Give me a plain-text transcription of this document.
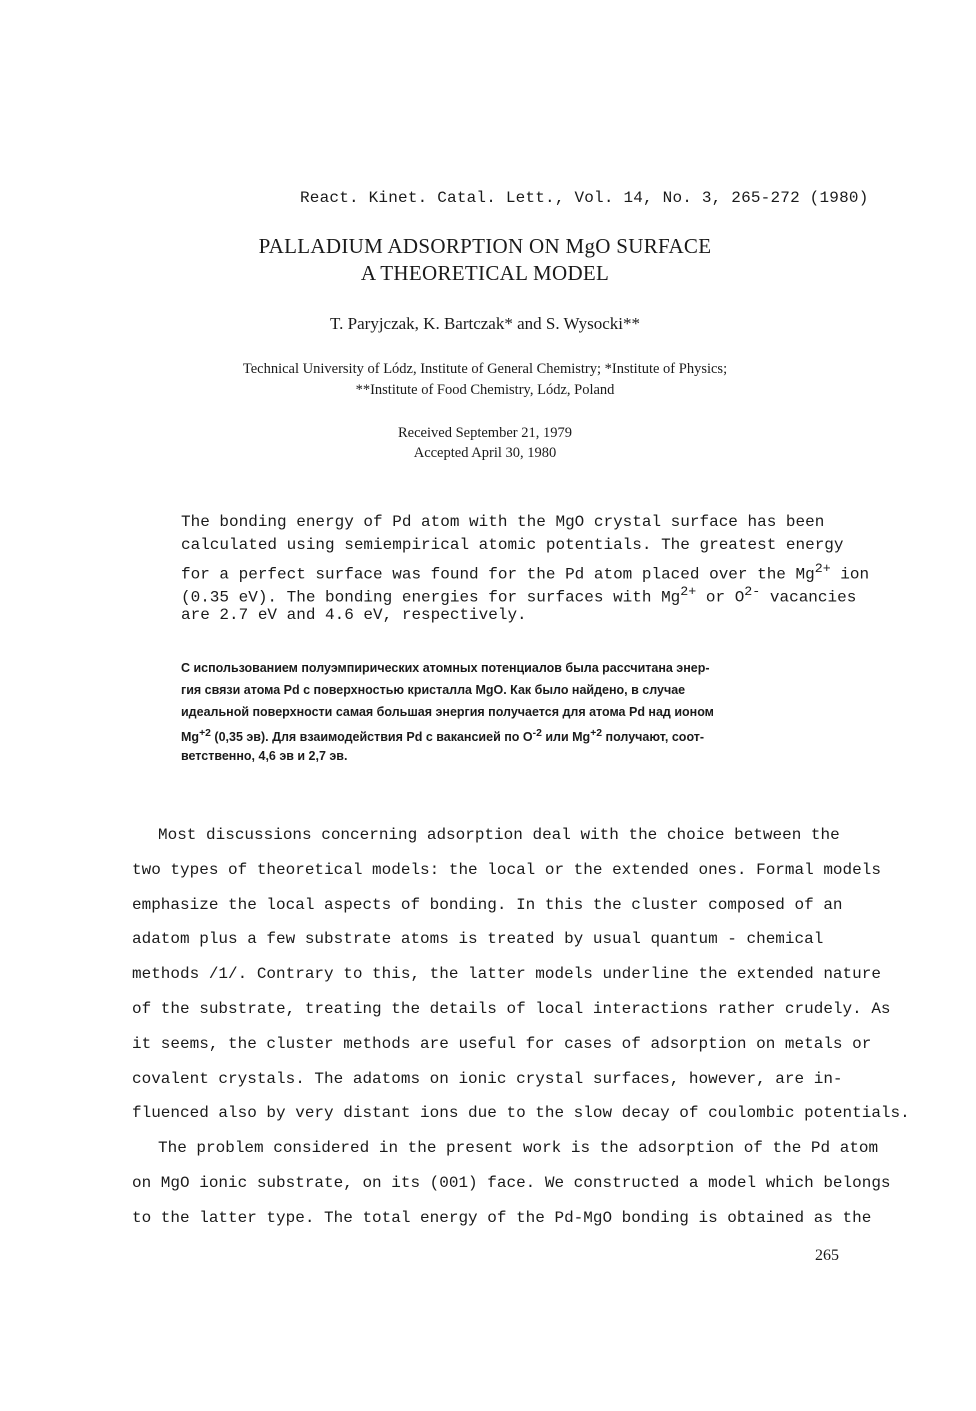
React. Kinet. Catal. Lett., Vol. 14, No. 3, 265-272 (1980)
PALLADIUM ADSORPTION ON MgO SURFACE
A THEORETICAL MODEL
T. Paryjczak, K. Bartczak* and S. Wysocki**
Technical University of Lódz, Institute of General Chemistry; *Institute of Physics;
**Institute of Food Chemistry, Lódz, Poland
Received September 21, 1979
Accepted April 30, 1980
The bonding energy of Pd atom with the MgO crystal surface has been
calculated using semiempirical atomic potentials. The greatest energy
for a perfect surface was found for the Pd atom placed over the $Mg^{2+}$ ion
(0.35 eV). The bonding energies for surfaces with $Mg^{2+}$ or $O^{2-}$ vacancies
are 2.7 eV and 4.6 eV, respectively.
С использованием полуэмпирических атомных потенциалов была рассчитана энер-
гия связи атома Pd с поверхностью кристалла MgO. Как было найдено, в случае
идеальной поверхности самая большая энергия получается для атома Pd над ионом
$Mg^{+2}$ (0,35 эв). Для взаимодействия Pd с вакансией по $O^{-2}$ или $Mg^{+2}$ получают, соот-
ветственно, 4,6 эв и 2,7 эв.
Most discussions concerning adsorption deal with the choice between the
two types of theoretical models: the local or the extended ones. Formal models
emphasize the local aspects of bonding. In this the cluster composed of an
adatom plus a few substrate atoms is treated by usual quantum - chemical
methods /1/. Contrary to this, the latter models underline the extended nature
of the substrate, treating the details of local interactions rather crudely. As
it seems, the cluster methods are useful for cases of adsorption on metals or
covalent crystals. The adatoms on ionic crystal surfaces, however, are in-
fluenced also by very distant ions due to the slow decay of coulombic potentials.
The problem considered in the present work is the adsorption of the Pd atom
on MgO ionic substrate, on its (001) face. We constructed a model which belongs
to the latter type. The total energy of the Pd-MgO bonding is obtained as the
265
